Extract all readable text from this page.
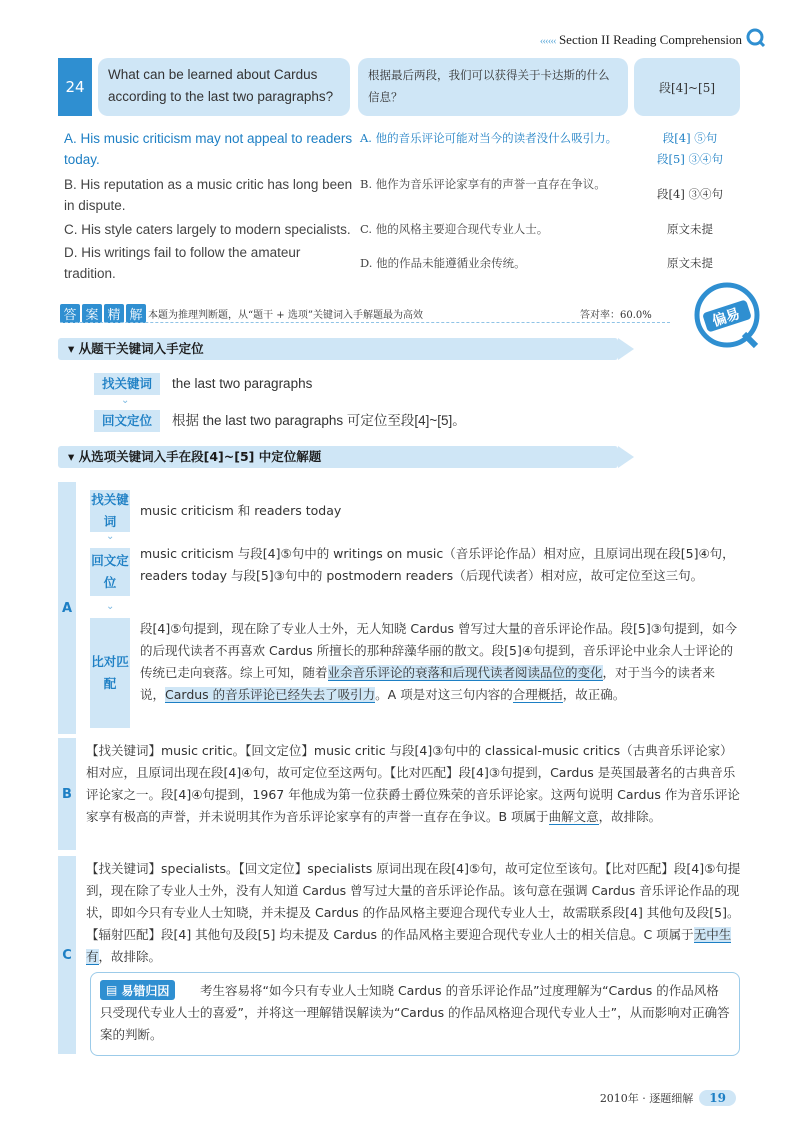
‹‹‹‹‹‹ Section II Reading Comprehension
24
What can be learned about Cardus according to the last two paragraphs?
根据最后两段，我们可以获得关于卡达斯的什么信息？
段[4]~[5]
A. His music criticism may not appeal to readers today.
A. 他的音乐评论可能对当今的读者没什么吸引力。	段[4] ⑤句
段[5] ③④句
B. His reputation as a music critic has long been in dispute.
B. 他作为音乐评论家享有的声誉一直存在争议。
段[4] ③④句
C. His style caters largely to modern specialists. C. 他的风格主要迎合现代专业人士。	原文未提
D. His writings fail to follow the amateur tradition.
D. 他的作品未能遵循业余传统。	原文未提
答 案 精 解 本题为推理判断题，从“题干 + 选项”关键词入手解题最为高效	答对率：60.0%	偏易
▾ 从题干关键词入手定位
找关键词	the last two paragraphs
⌄
回文定位	根据 the last two paragraphs 可定位至段[4]~[5]。
▾ 从选项关键词入手在段[4]~[5] 中定位解题
A
找关键词
music criticism 和 readers today
⌄
回文定位
music criticism 与段[4]⑤句中的 writings on music（音乐评论作品）相对应，且原词出现在段[5]④句，readers today 与段[5]③句中的 postmodern readers（后现代读者）相对应，故可定位至这三句。
⌄
比对匹配
段[4]⑤句提到，现在除了专业人士外，无人知晓 Cardus 曾写过大量的音乐评论作品。段[5]③句提到，如今的后现代读者不再喜欢 Cardus 所擅长的那种辞藻华丽的散文。段[5]④句提到，音乐评论中业余人士评论的传统已走向衰落。综上可知，随着业余音乐评论的衰落和后现代读者阅读品位的变化，对于当今的读者来说，Cardus 的音乐评论已经失去了吸引力。A 项是对这三句内容的合理概括，故正确。
B
【找关键词】music critic。【回文定位】music critic 与段[4]③句中的 classical-music critics（古典音乐评论家）相对应，且原词出现在段[4]④句，故可定位至这两句。【比对匹配】段[4]③句提到，Cardus 是英国最著名的古典音乐评论家之一。段[4]④句提到，1967 年他成为第一位获爵士爵位殊荣的音乐评论家。这两句说明 Cardus 作为音乐评论家享有极高的声誉，并未说明其作为音乐评论家享有的声誉一直存在争议。B 项属于曲解文意，故排除。
C
【找关键词】specialists。【回文定位】specialists 原词出现在段[4]⑤句，故可定位至该句。【比对匹配】段[4]⑤句提到，现在除了专业人士外，没有人知道 Cardus 曾写过大量的音乐评论作品。该句意在强调 Cardus 音乐评论作品的现状，即如今只有专业人士知晓，并未提及 Cardus 的作品风格主要迎合现代专业人士，故需联系段[4] 其他句及段[5]。【辐射匹配】段[4] 其他句及段[5] 均未提及 Cardus 的作品风格主要迎合现代专业人士的相关信息。C 项属于无中生有，故排除。
▤ 易错归因	考生容易将“如今只有专业人士知晓 Cardus 的音乐评论作品”过度理解为“Cardus 的作品风格只受现代专业人士的喜爱”，并将这一理解错误解读为“Cardus 的作品风格迎合现代专业人士”，从而影响对正确答案的判断。
2010年 · 逐题细解	19
